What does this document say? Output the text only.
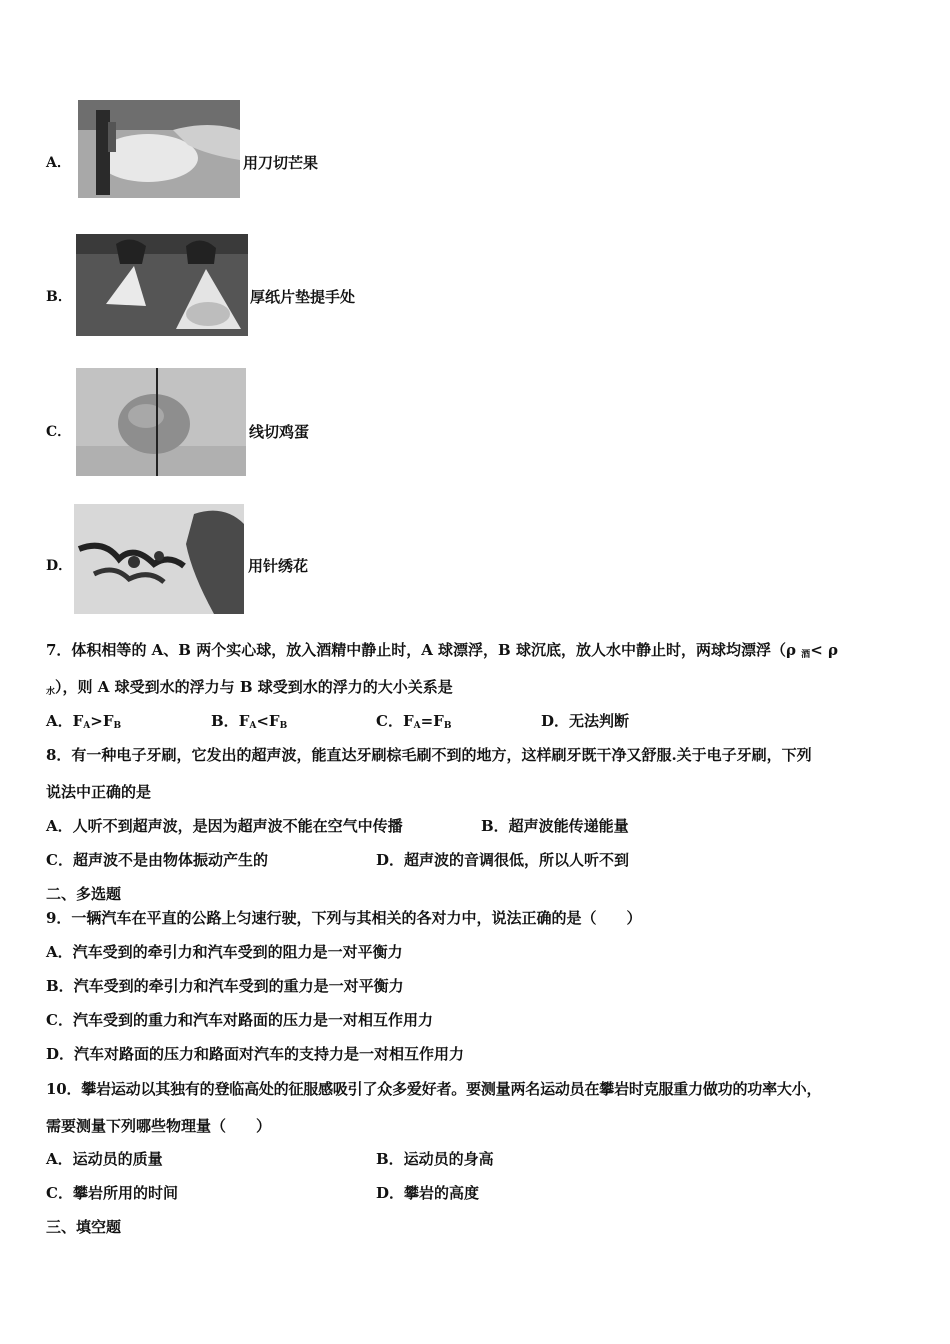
A．	用刀切芒果
B．	厚纸片垫提手处
C．	线切鸡蛋
D．	用针绣花
7．体积相等的 A、B 两个实心球，放入酒精中静止时，A 球漂浮，B 球沉底，放人水中静止时，两球均漂浮（ρ $_酒$< ρ
$_水$），则 A 球受到水的浮力与 B 球受到水的浮力的大小关系是
A．$F_A>F_B$	B．$F_A<F_B$	C．$F_A=F_B$	D．无法判断
8．有一种电子牙刷，它发出的超声波，能直达牙刷棕毛刷不到的地方，这样刷牙既干净又舒服.关于电子牙刷，下列
说法中正确的是
A．人听不到超声波，是因为超声波不能在空气中传播	B．超声波能传递能量
C．超声波不是由物体振动产生的	D．超声波的音调很低，所以人听不到
二、多选题
9．一辆汽车在平直的公路上匀速行驶，下列与其相关的各对力中，说法正确的是（　　）
A．汽车受到的牵引力和汽车受到的阻力是一对平衡力
B．汽车受到的牵引力和汽车受到的重力是一对平衡力
C．汽车受到的重力和汽车对路面的压力是一对相互作用力
D．汽车对路面的压力和路面对汽车的支持力是一对相互作用力
10．攀岩运动以其独有的登临高处的征服感吸引了众多爱好者。要测量两名运动员在攀岩时克服重力做功的功率大小，
需要测量下列哪些物理量（　　）
A．运动员的质量	B．运动员的身高
C．攀岩所用的时间	D．攀岩的高度
三、填空题
